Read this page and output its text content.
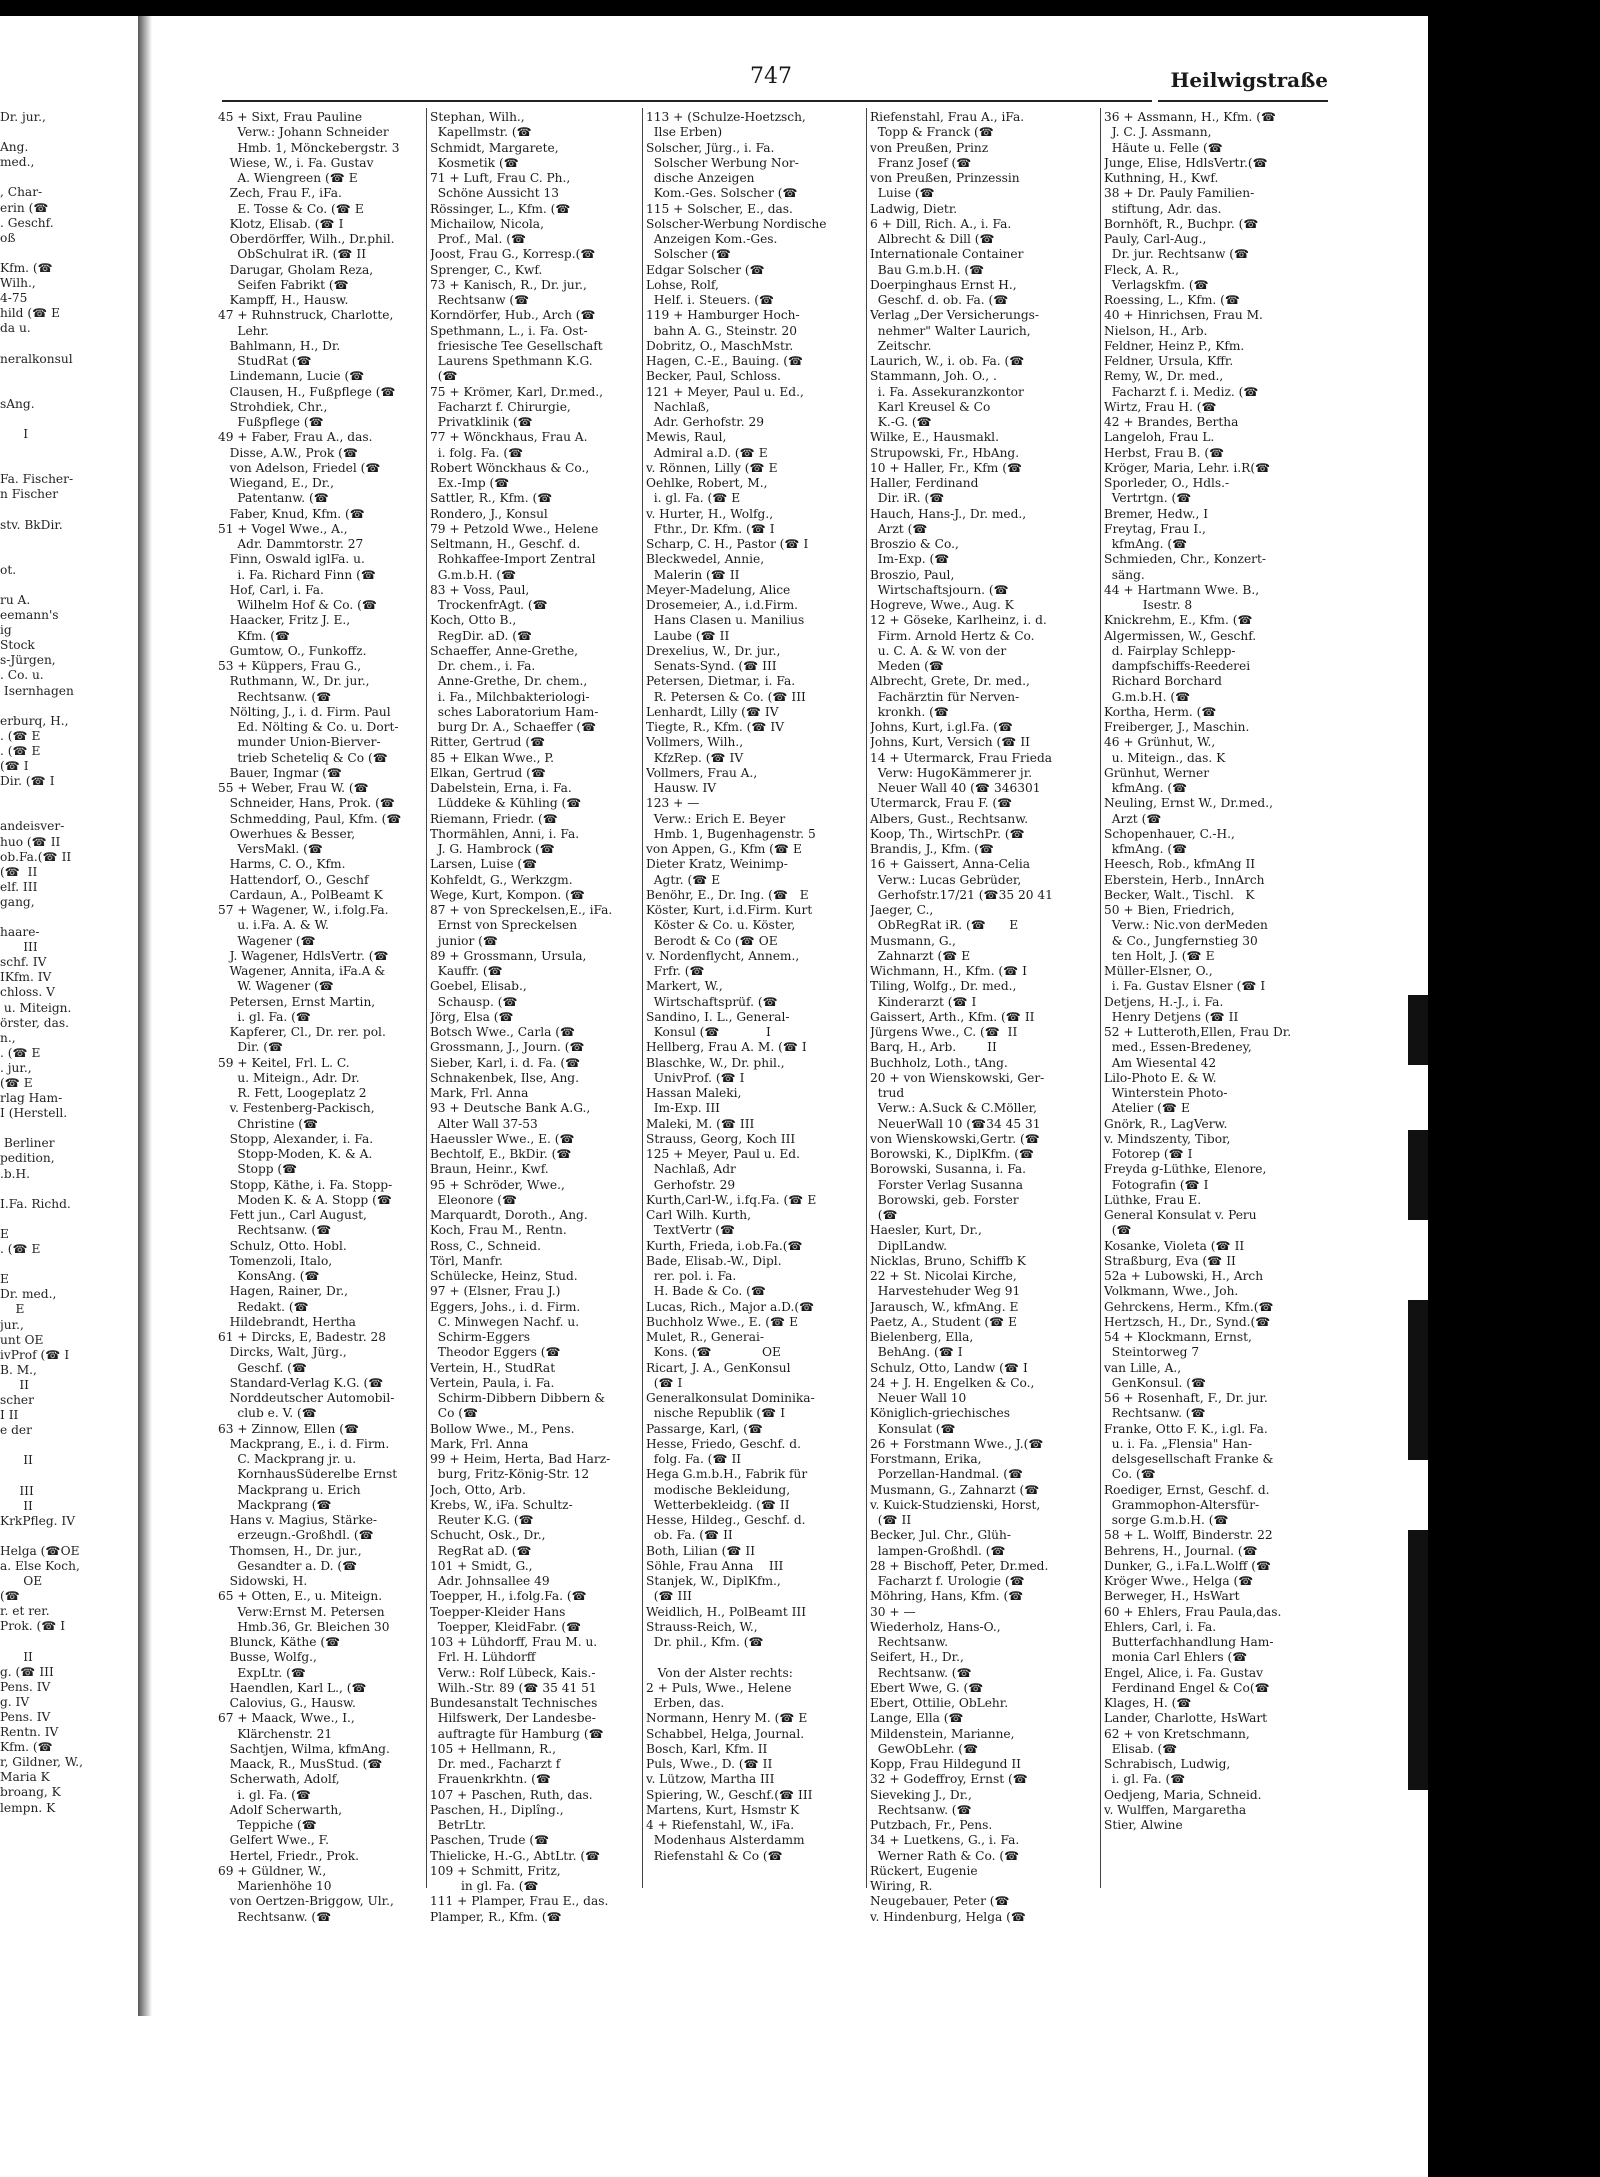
Dr. jur.,

Ang.
med.,

, Char-
erin (☎
. Geschf.
oß

Kfm. (☎
Wilh.,
4-75
hild (☎ E
da u.

neralkonsul

sAng.

I

Fa. Fischer-
n Fischer

stv. BkDir.

ot.

ru A.
eemann's
ig
Stock
s-Jürgen,
. Co. u.
Isernhagen

erburq, H.,
. (☎ E
. (☎ E
(☎ I
Dir. (☎ I

andeisver-
huo (☎ II
ob.Fa.(☎ II
(☎  II
elf. III
gang,

haare-
III
schf. IV
IKfm. IV
chloss. V
u. Miteign.
örster, das.
n.,
. (☎ E
. jur.,
(☎ E
rlag Ham-
I (Herstell.

Berliner
pedition,
.b.H.

I.Fa. Richd.

E
. (☎ E

E
Dr. med.,
E
jur.,
unt OE
ivProf (☎ I
B. M.,
II
scher
I II
e der

II

III
II
KrkPfleg. IV

Helga (☎OE
a. Else Koch,
OE
(☎
r. et rer.
Prok. (☎ I

II
g. (☎ III
Pens. IV
g. IV
Pens. IV
Rentn. IV
Kfm. (☎
r, Gildner, W.,
Maria K
broang, K
lempn. K
747	Heilwigstraße
45 + Sixt, Frau Pauline
Verw.: Johann Schneider
Hmb. 1, Mönckebergstr. 3
Wiese, W., i. Fa. Gustav
A. Wiengreen (☎ E
Zech, Frau F., iFa.
E. Tosse & Co. (☎ E
Klotz, Elisab. (☎ I
Oberdörffer, Wilh., Dr.phil.
ObSchulrat iR. (☎ II
Darugar, Gholam Reza,
Seifen Fabrikt (☎
Kampff, H., Hausw.
47 + Ruhnstruck, Charlotte,
Lehr.
Bahlmann, H., Dr.
StudRat (☎
Lindemann, Lucie (☎
Clausen, H., Fußpflege (☎
Strohdiek, Chr.,
Fußpflege (☎
49 + Faber, Frau A., das.
Disse, A.W., Prok (☎
von Adelson, Friedel (☎
Wiegand, E., Dr.,
Patentanw. (☎
Faber, Knud, Kfm. (☎
51 + Vogel Wwe., A.,
Adr. Dammtorstr. 27
Finn, Oswald iglFa. u.
i. Fa. Richard Finn (☎
Hof, Carl, i. Fa.
Wilhelm Hof & Co. (☎
Haacker, Fritz J. E.,
Kfm. (☎
Gumtow, O., Funkoffz.
53 + Küppers, Frau G.,
Ruthmann, W., Dr. jur.,
Rechtsanw. (☎
Nölting, J., i. d. Firm. Paul
Ed. Nölting & Co. u. Dort-
munder Union-Bierver-
trieb Scheteliq & Co (☎
Bauer, Ingmar (☎
55 + Weber, Frau W. (☎
Schneider, Hans, Prok. (☎
Schmedding, Paul, Kfm. (☎
Owerhues & Besser,
VersMakl. (☎
Harms, C. O., Kfm.
Hattendorf, O., Geschf
Cardaun, A., PolBeamt K
57 + Wagener, W., i.folg.Fa.
u. i.Fa. A. & W.
Wagener (☎
J. Wagener, HdlsVertr. (☎
Wagener, Annita, iFa.A &
W. Wagener (☎
Petersen, Ernst Martin,
i. gl. Fa. (☎
Kapferer, Cl., Dr. rer. pol.
Dir. (☎
59 + Keitel, Frl. L. C.
u. Miteign., Adr. Dr.
R. Fett, Loogeplatz 2
v. Festenberg-Packisch,
Christine (☎
Stopp, Alexander, i. Fa.
Stopp-Moden, K. & A.
Stopp (☎
Stopp, Käthe, i. Fa. Stopp-
Moden K. & A. Stopp (☎
Fett jun., Carl August,
Rechtsanw. (☎
Schulz, Otto. Hobl.
Tomenzoli, Italo,
KonsAng. (☎
Hagen, Rainer, Dr.,
Redakt. (☎
Hildebrandt, Hertha
61 + Dircks, E, Badestr. 28
Dircks, Walt, Jürg.,
Geschf. (☎
Standard-Verlag K.G. (☎
Norddeutscher Automobil-
club e. V. (☎
63 + Zinnow, Ellen (☎
Mackprang, E., i. d. Firm.
C. Mackprang jr. u.
KornhausSüderelbe Ernst
Mackprang u. Erich
Mackprang (☎
Hans v. Magius, Stärke-
erzeugn.-Großhdl. (☎
Thomsen, H., Dr. jur.,
Gesandter a. D. (☎
Sidowski, H.
65 + Otten, E., u. Miteign.
Verw:Ernst M. Petersen
Hmb.36, Gr. Bleichen 30
Blunck, Käthe (☎
Busse, Wolfg.,
ExpLtr. (☎
Haendlen, Karl L., (☎
Calovius, G., Hausw.
67 + Maack, Wwe., I.,
Klärchenstr. 21
Sachtjen, Wilma, kfmAng.
Maack, R., MusStud. (☎
Scherwath, Adolf,
i. gl. Fa. (☎
Adolf Scherwarth,
Teppiche (☎
Gelfert Wwe., F.
Hertel, Friedr., Prok.
69 + Güldner, W.,
Marienhöhe 10
von Oertzen-Briggow, Ulr.,
Rechtsanw. (☎
Stephan, Wilh.,
Kapellmstr. (☎
Schmidt, Margarete,
Kosmetik (☎
71 + Luft, Frau C. Ph.,
Schöne Aussicht 13
Rössinger, L., Kfm. (☎
Michailow, Nicola,
Prof., Mal. (☎
Joost, Frau G., Korresp.(☎
Sprenger, C., Kwf.
73 + Kanisch, R., Dr. jur.,
Rechtsanw (☎
Korndörfer, Hub., Arch (☎
Spethmann, L., i. Fa. Ost-
friesische Tee Gesellschaft
Laurens Spethmann K.G.
(☎
75 + Krömer, Karl, Dr.med.,
Facharzt f. Chirurgie,
Privatklinik (☎
77 + Wönckhaus, Frau A.
i. folg. Fa. (☎
Robert Wönckhaus & Co.,
Ex.-Imp (☎
Sattler, R., Kfm. (☎
Rondero, J., Konsul
79 + Petzold Wwe., Helene
Seltmann, H., Geschf. d.
Rohkaffee-Import Zentral
G.m.b.H. (☎
83 + Voss, Paul,
TrockenfrAgt. (☎
Koch, Otto B.,
RegDir. aD. (☎
Schaeffer, Anne-Grethe,
Dr. chem., i. Fa.
Anne-Grethe, Dr. chem.,
i. Fa., Milchbakteriologi-
sches Laboratorium Ham-
burg Dr. A., Schaeffer (☎
Ritter, Gertrud (☎
85 + Elkan Wwe., P.
Elkan, Gertrud (☎
Dabelstein, Erna, i. Fa.
Lüddeke & Kühling (☎
Riemann, Friedr. (☎
Thormählen, Anni, i. Fa.
J. G. Hambrock (☎
Larsen, Luise (☎
Kohfeldt, G., Werkzgm.
Wege, Kurt, Kompon. (☎
87 + von Spreckelsen,E., iFa.
Ernst von Spreckelsen
junior (☎
89 + Grossmann, Ursula,
Kauffr. (☎
Goebel, Elisab.,
Schausp. (☎
Jörg, Elsa (☎
Botsch Wwe., Carla (☎
Grossmann, J., Journ. (☎
Sieber, Karl, i. d. Fa. (☎
Schnakenbek, Ilse, Ang.
Mark, Frl. Anna
93 + Deutsche Bank A.G.,
Alter Wall 37-53
Haeussler Wwe., E. (☎
Bechtolf, E., BkDir. (☎
Braun, Heinr., Kwf.
95 + Schröder, Wwe.,
Eleonore (☎
Marquardt, Doroth., Ang.
Koch, Frau M., Rentn.
Ross, C., Schneid.
Törl, Manfr.
Schülecke, Heinz, Stud.
97 + (Elsner, Frau J.)
Eggers, Johs., i. d. Firm.
C. Minwegen Nachf. u.
Schirm-Eggers
Theodor Eggers (☎
Vertein, H., StudRat
Vertein, Paula, i. Fa.
Schirm-Dibbern Dibbern &
Co (☎
Bollow Wwe., M., Pens.
Mark, Frl. Anna
99 + Heim, Herta, Bad Harz-
burg, Fritz-König-Str. 12
Joch, Otto, Arb.
Krebs, W., iFa. Schultz-
Reuter K.G. (☎
Schucht, Osk., Dr.,
RegRat aD. (☎
101 + Smidt, G.,
Adr. Johnsallee 49
Toepper, H., i.folg.Fa. (☎
Toepper-Kleider Hans
Toepper, KleidFabr. (☎
103 + Lühdorff, Frau M. u.
Frl. H. Lühdorff
Verw.: Rolf Lübeck, Kais.-
Wilh.-Str. 89 (☎ 35 41 51
Bundesanstalt Technisches
Hilfswerk, Der Landesbe-
auftragte für Hamburg (☎
105 + Hellmann, R.,
Dr. med., Facharzt f
Frauenkrkhtn. (☎
107 + Paschen, Ruth, das.
Paschen, H., Diplîng.,
BetrLtr.
Paschen, Trude (☎
Thielicke, H.-G., AbtLtr. (☎
109 + Schmitt, Fritz,
in gl. Fa. (☎
111 + Plamper, Frau E., das.
Plamper, R., Kfm. (☎
113 + (Schulze-Hoetzsch,
Ilse Erben)
Solscher, Jürg., i. Fa.
Solscher Werbung Nor-
dische Anzeigen
Kom.-Ges. Solscher (☎
115 + Solscher, E., das.
Solscher-Werbung Nordische
Anzeigen Kom.-Ges.
Solscher (☎
Edgar Solscher (☎
Lohse, Rolf,
Helf. i. Steuers. (☎
119 + Hamburger Hoch-
bahn A. G., Steinstr. 20
Dobritz, O., MaschMstr.
Hagen, C.-E., Bauing. (☎
Becker, Paul, Schloss.
121 + Meyer, Paul u. Ed.,
Nachlaß,
Adr. Gerhofstr. 29
Mewis, Raul,
Admiral a.D. (☎ E
v. Rönnen, Lilly (☎ E
Oehlke, Robert, M.,
i. gl. Fa. (☎ E
v. Hurter, H., Wolfg.,
Fthr., Dr. Kfm. (☎ I
Scharp, C. H., Pastor (☎ I
Bleckwedel, Annie,
Malerin (☎ II
Meyer-Madelung, Alice
Drosemeier, A., i.d.Firm.
Hans Clasen u. Manilius
Laube (☎ II
Drexelius, W., Dr. jur.,
Senats-Synd. (☎ III
Petersen, Dietmar, i. Fa.
R. Petersen & Co. (☎ III
Lenhardt, Lilly (☎ IV
Tiegte, R., Kfm. (☎ IV
Vollmers, Wilh.,
KfzRep. (☎ IV
Vollmers, Frau A.,
Hausw. IV
123 + —
Verw.: Erich E. Beyer
Hmb. 1, Bugenhagenstr. 5
von Appen, G., Kfm (☎ E
Dieter Kratz, Weinimp-
Agtr. (☎ E
Benöhr, E., Dr. Ing. (☎   E
Köster, Kurt, i.d.Firm. Kurt
Köster & Co. u. Köster,
Berodt & Co (☎ OE
v. Nordenflycht, Annem.,
Frfr. (☎
Markert, W.,
Wirtschaftsprüf. (☎
Sandino, I. L., General-
Konsul (☎            I
Hellberg, Frau A. M. (☎ I
Blaschke, W., Dr. phil.,
UnivProf. (☎ I
Hassan Maleki,
Im-Exp. III
Maleki, M. (☎ III
Strauss, Georg, Koch III
125 + Meyer, Paul u. Ed.
Nachlaß, Adr
Gerhofstr. 29
Kurth,Carl-W., i.fq.Fa. (☎ E
Carl Wilh. Kurth,
TextVertr (☎
Kurth, Frieda, i.ob.Fa.(☎
Bade, Elisab.-W., Dipl.
rer. pol. i. Fa.
H. Bade & Co. (☎
Lucas, Rich., Major a.D.(☎
Buchholz Wwe., E. (☎ E
Mulet, R., Generai-
Kons. (☎             OE
Ricart, J. A., GenKonsul
(☎ I
Generalkonsulat Dominika-
nische Republik (☎ I
Passarge, Karl, (☎
Hesse, Friedo, Geschf. d.
folg. Fa. (☎ II
Hega G.m.b.H., Fabrik für
modische Bekleidung,
Wetterbekleidg. (☎ II
Hesse, Hildeg., Geschf. d.
ob. Fa. (☎ II
Both, Lilian (☎ II
Söhle, Frau Anna    III
Stanjek, W., DiplKfm.,
(☎ III
Weidlich, H., PolBeamt III
Strauss-Reich, W.,
Dr. phil., Kfm. (☎

Von der Alster rechts:
2 + Puls, Wwe., Helene
Erben, das.
Normann, Henry M. (☎ E
Schabbel, Helga, Journal.
Bosch, Karl, Kfm. II
Puls, Wwe., D. (☎ II
v. Lützow, Martha III
Spiering, W., Geschf.(☎ III
Martens, Kurt, Hsmstr K
4 + Riefenstahl, W., iFa.
Modenhaus Alsterdamm
Riefenstahl & Co (☎
Riefenstahl, Frau A., iFa.
Topp & Franck (☎
von Preußen, Prinz
Franz Josef (☎
von Preußen, Prinzessin
Luise (☎
Ladwig, Dietr.
6 + Dill, Rich. A., i. Fa.
Albrecht & Dill (☎
Internationale Container
Bau G.m.b.H. (☎
Doerpinghaus Ernst H.,
Geschf. d. ob. Fa. (☎
Verlag „Der Versicherungs-
nehmer" Walter Laurich,
Zeitschr.
Laurich, W., i. ob. Fa. (☎
Stammann, Joh. O., .
i. Fa. Assekuranzkontor
Karl Kreusel & Co
K.-G. (☎
Wilke, E., Hausmakl.
Strupowski, Fr., HbAng.
10 + Haller, Fr., Kfm (☎
Haller, Ferdinand
Dir. iR. (☎
Hauch, Hans-J., Dr. med.,
Arzt (☎
Broszio & Co.,
Im-Exp. (☎
Broszio, Paul,
Wirtschaftsjourn. (☎
Hogreve, Wwe., Aug. K
12 + Göseke, Karlheinz, i. d.
Firm. Arnold Hertz & Co.
u. C. A. & W. von der
Meden (☎
Albrecht, Grete, Dr. med.,
Fachärztin für Nerven-
kronkh. (☎
Johns, Kurt, i.gl.Fa. (☎
Johns, Kurt, Versich (☎ II
14 + Utermarck, Frau Frieda
Verw: HugoKämmerer jr.
Neuer Wall 40 (☎ 346301
Utermarck, Frau F. (☎
Albers, Gust., Rechtsanw.
Koop, Th., WirtschPr. (☎
Brandis, J., Kfm. (☎
16 + Gaissert, Anna-Celia
Verw.: Lucas Gebrüder,
Gerhofstr.17/21 (☎35 20 41
Jaeger, C.,
ObRegRat iR. (☎      E
Musmann, G.,
Zahnarzt (☎ E
Wichmann, H., Kfm. (☎ I
Tiling, Wolfg., Dr. med.,
Kinderarzt (☎ I
Gaissert, Arth., Kfm. (☎ II
Jürgens Wwe., C. (☎  II
Barq, H., Arb.        II
Buchholz, Loth., tAng.
20 + von Wienskowski, Ger-
trud
Verw.: A.Suck & C.Möller,
NeuerWall 10 (☎34 45 31
von Wienskowski,Gertr. (☎
Borowski, K., DiplKfm. (☎
Borowski, Susanna, i. Fa.
Forster Verlag Susanna
Borowski, geb. Forster
(☎
Haesler, Kurt, Dr.,
DiplLandw.
Nicklas, Bruno, Schiffb K
22 + St. Nicolai Kirche,
Harvestehuder Weg 91
Jarausch, W., kfmAng. E
Paetz, A., Student (☎ E
Bielenberg, Ella,
BehAng. (☎ I
Schulz, Otto, Landw (☎ I
24 + J. H. Engelken & Co.,
Neuer Wall 10
Königlich-griechisches
Konsulat (☎
26 + Forstmann Wwe., J.(☎
Forstmann, Erika,
Porzellan-Handmal. (☎
Musmann, G., Zahnarzt (☎
v. Kuick-Studzienski, Horst,
(☎ II
Becker, Jul. Chr., Glüh-
lampen-Großhdl. (☎
28 + Bischoff, Peter, Dr.med.
Facharzt f. Urologie (☎
Möhring, Hans, Kfm. (☎
30 + —
Wiederholz, Hans-O.,
Rechtsanw.
Seifert, H., Dr.,
Rechtsanw. (☎
Ebert Wwe, G. (☎
Ebert, Ottilie, ObLehr.
Lange, Ella (☎
Mildenstein, Marianne,
GewObLehr. (☎
Kopp, Frau Hildegund II
32 + Godeffroy, Ernst (☎
Sieveking J., Dr.,
Rechtsanw. (☎
Putzbach, Fr., Pens.
34 + Luetkens, G., i. Fa.
Werner Rath & Co. (☎
Rückert, Eugenie
Wiring, R.
Neugebauer, Peter (☎
v. Hindenburg, Helga (☎
36 + Assmann, H., Kfm. (☎
J. C. J. Assmann,
Häute u. Felle (☎
Junge, Elise, HdlsVertr.(☎
Kuthning, H., Kwf.
38 + Dr. Pauly Familien-
stiftung, Adr. das.
Bornhöft, R., Buchpr. (☎
Pauly, Carl-Aug.,
Dr. jur. Rechtsanw (☎
Fleck, A. R.,
Verlagskfm. (☎
Roessing, L., Kfm. (☎
40 + Hinrichsen, Frau M.
Nielson, H., Arb.
Feldner, Heinz P., Kfm.
Feldner, Ursula, Kffr.
Remy, W., Dr. med.,
Facharzt f. i. Mediz. (☎
Wirtz, Frau H. (☎
42 + Brandes, Bertha
Langeloh, Frau L.
Herbst, Frau B. (☎
Kröger, Maria, Lehr. i.R(☎
Sporleder, O., Hdls.-
Vertrtgn. (☎
Bremer, Hedw., I
Freytag, Frau I.,
kfmAng. (☎
Schmieden, Chr., Konzert-
säng.
44 + Hartmann Wwe. B.,
Isestr. 8
Knickrehm, E., Kfm. (☎
Algermissen, W., Geschf.
d. Fairplay Schlepp-
dampfschiffs-Reederei
Richard Borchard
G.m.b.H. (☎
Kortha, Herm. (☎
Freiberger, J., Maschin.
46 + Grünhut, W.,
u. Miteign., das. K
Grünhut, Werner
kfmAng. (☎
Neuling, Ernst W., Dr.med.,
Arzt (☎
Schopenhauer, C.-H.,
kfmAng. (☎
Heesch, Rob., kfmAng II
Eberstein, Herb., InnArch
Becker, Walt., Tischl.   K
50 + Bien, Friedrich,
Verw.: Nic.von derMeden
& Co., Jungfernstieg 30
ten Holt, J. (☎ E
Müller-Elsner, O.,
i. Fa. Gustav Elsner (☎ I
Detjens, H.-J., i. Fa.
Henry Detjens (☎ II
52 + Lutteroth,Ellen, Frau Dr.
med., Essen-Bredeney,
Am Wiesental 42
Lilo-Photo E. & W.
Winterstein Photo-
Atelier (☎ E
Gnörk, R., LagVerw.
v. Mindszenty, Tibor,
Fotorep (☎ I
Freyda g-Lüthke, Elenore,
Fotografin (☎ I
Lüthke, Frau E.
General Konsulat v. Peru
(☎
Kosanke, Violeta (☎ II
Straßburg, Eva (☎ II
52a + Lubowski, H., Arch
Volkmann, Wwe., Joh.
Gehrckens, Herm., Kfm.(☎
Hertzsch, H., Dr., Synd.(☎
54 + Klockmann, Ernst,
Steintorweg 7
van Lille, A.,
GenKonsul. (☎
56 + Rosenhaft, F., Dr. jur.
Rechtsanw. (☎
Franke, Otto F. K., i.gl. Fa.
u. i. Fa. „Flensia" Han-
delsgesellschaft Franke &
Co. (☎
Roediger, Ernst, Geschf. d.
Grammophon-Altersfür-
sorge G.m.b.H. (☎
58 + L. Wolff, Binderstr. 22
Behrens, H., Journal. (☎
Dunker, G., i.Fa.L.Wolff (☎
Kröger Wwe., Helga (☎
Berweger, H., HsWart
60 + Ehlers, Frau Paula,das.
Ehlers, Carl, i. Fa.
Butterfachhandlung Ham-
monia Carl Ehlers (☎
Engel, Alice, i. Fa. Gustav
Ferdinand Engel & Co(☎
Klages, H. (☎
Lander, Charlotte, HsWart
62 + von Kretschmann,
Elisab. (☎
Schrabisch, Ludwig,
i. gl. Fa. (☎
Oedjeng, Maria, Schneid.
v. Wulffen, Margaretha
Stier, Alwine
